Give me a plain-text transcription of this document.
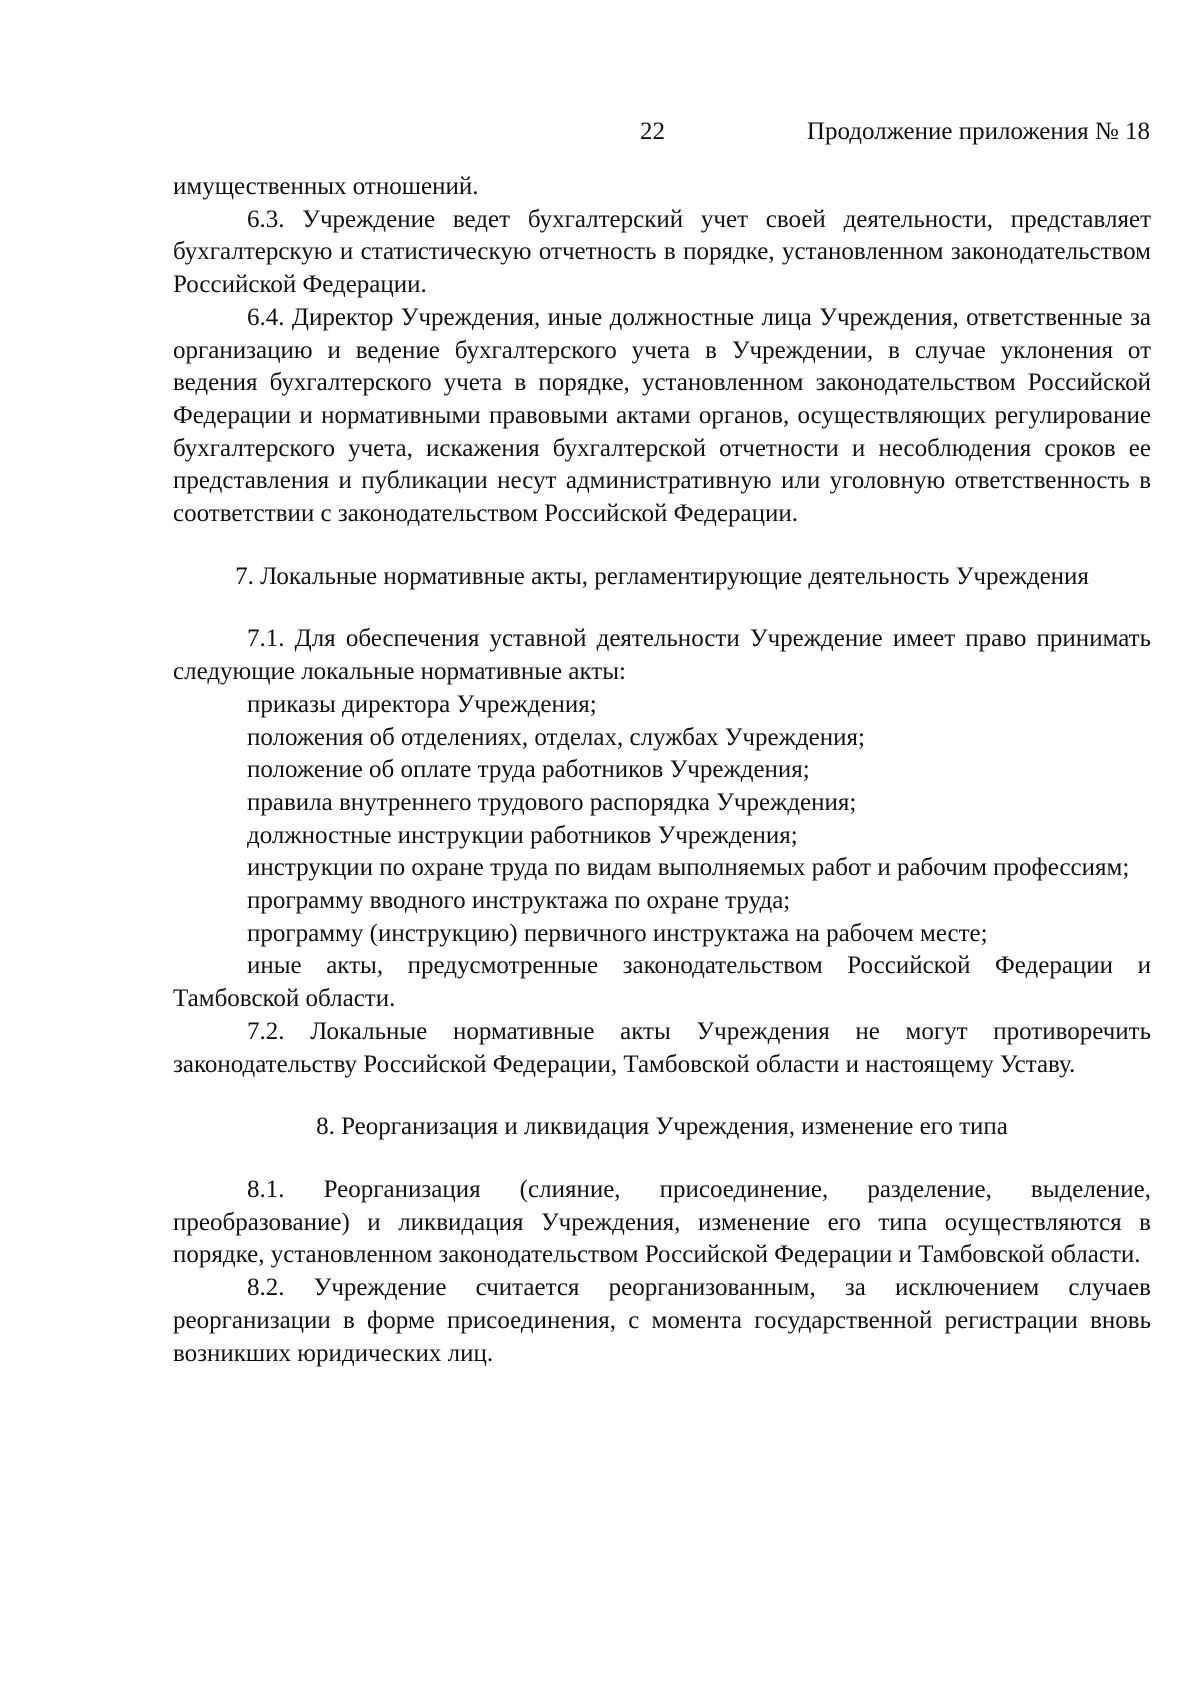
22	Продолжение приложения № 18

имущественных отношений.

6.3. Учреждение ведет бухгалтерский учет своей деятельности, представляет бухгалтерскую и статистическую отчетность в порядке, установленном законодательством Российской Федерации.

6.4. Директор Учреждения, иные должностные лица Учреждения, ответственные за организацию и ведение бухгалтерского учета в Учреждении, в случае уклонения от ведения бухгалтерского учета в порядке, установленном законодательством Российской Федерации и нормативными правовыми актами органов, осуществляющих регулирование бухгалтерского учета, искажения бухгалтерской отчетности и несоблюдения сроков ее представления и публикации несут административную или уголовную ответственность в соответствии с законодательством Российской Федерации.

7. Локальные нормативные акты, регламентирующие деятельность Учреждения

7.1. Для обеспечения уставной деятельности Учреждение имеет право принимать следующие локальные нормативные акты:

приказы директора Учреждения;

положения об отделениях, отделах, службах Учреждения;

положение об оплате труда работников Учреждения;

правила внутреннего трудового распорядка Учреждения;

должностные инструкции работников Учреждения;

инструкции по охране труда по видам выполняемых работ и рабочим профессиям;

программу вводного инструктажа по охране труда;

программу (инструкцию) первичного инструктажа на рабочем месте;

иные акты, предусмотренные законодательством Российской Федерации и Тамбовской области.

7.2. Локальные нормативные акты Учреждения не могут противоречить законодательству Российской Федерации, Тамбовской области и настоящему Уставу.

8. Реорганизация и ликвидация Учреждения, изменение его типа

8.1. Реорганизация (слияние, присоединение, разделение, выделение, преобразование) и ликвидация Учреждения, изменение его типа осуществляются в порядке, установленном законодательством Российской Федерации и Тамбовской области.

8.2. Учреждение считается реорганизованным, за исключением случаев реорганизации в форме присоединения, с момента государственной регистрации вновь возникших юридических лиц.
